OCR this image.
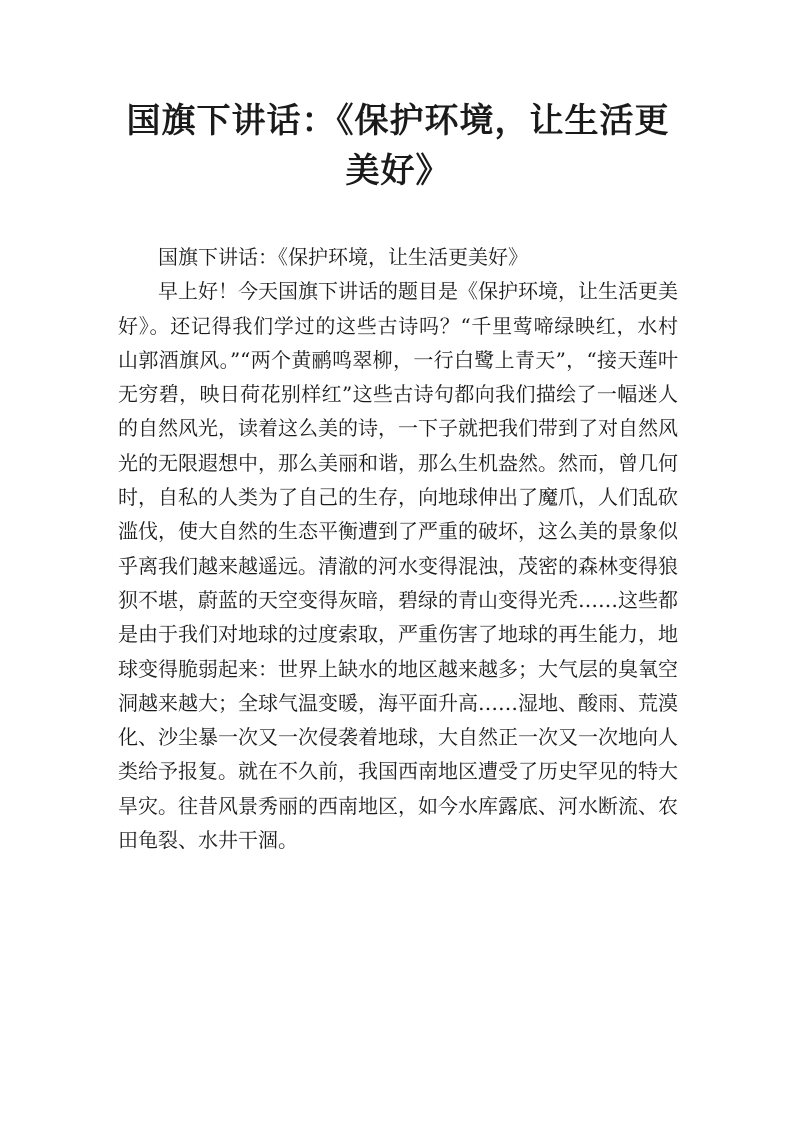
国旗下讲话：《保护环境，让生活更美好》

国旗下讲话：《保护环境，让生活更美好》

早上好！今天国旗下讲话的题目是《保护环境，让生活更美好》。还记得我们学过的这些古诗吗？“千里莺啼绿映红，水村山郭酒旗风。”“两个黄鹂鸣翠柳，一行白鹭上青天”，“接天莲叶无穷碧，映日荷花别样红”这些古诗句都向我们描绘了一幅迷人的自然风光，读着这么美的诗，一下子就把我们带到了对自然风光的无限遐想中，那么美丽和谐，那么生机盎然。然而，曾几何时，自私的人类为了自己的生存，向地球伸出了魔爪，人们乱砍滥伐，使大自然的生态平衡遭到了严重的破坏，这么美的景象似乎离我们越来越遥远。清澈的河水变得混浊，茂密的森林变得狼狈不堪，蔚蓝的天空变得灰暗，碧绿的青山变得光秃……这些都是由于我们对地球的过度索取，严重伤害了地球的再生能力，地球变得脆弱起来：世界上缺水的地区越来越多；大气层的臭氧空洞越来越大；全球气温变暖，海平面升高……湿地、酸雨、荒漠化、沙尘暴一次又一次侵袭着地球，大自然正一次又一次地向人类给予报复。就在不久前，我国西南地区遭受了历史罕见的特大旱灾。往昔风景秀丽的西南地区，如今水库露底、河水断流、农田龟裂、水井干涸。
